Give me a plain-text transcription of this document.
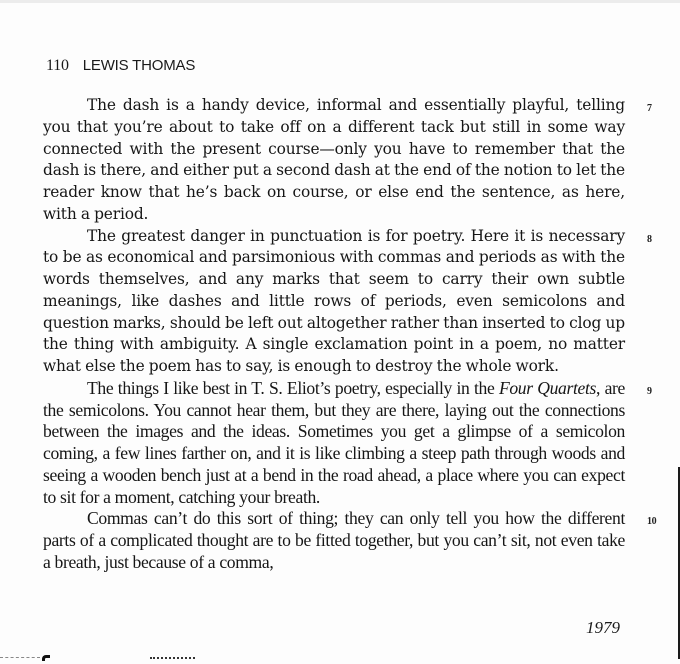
110 LEWIS THOMAS

The dash is a handy device, informal and essentially playful, telling you that you’re about to take off on a different tack but still in some way connected with the present course—only you have to remember that the dash is there, and either put a second dash at the end of the notion to let the reader know that he’s back on course, or else end the sentence, as here, with a period.
7

The greatest danger in punctuation is for poetry. Here it is necessary to be as economical and parsimonious with commas and periods as with the words themselves, and any marks that seem to carry their own subtle meanings, like dashes and little rows of periods, even semicolons and question marks, should be left out altogether rather than inserted to clog up the thing with ambiguity. A single exclamation point in a poem, no matter what else the poem has to say, is enough to destroy the whole work.
8

The things I like best in T. S. Eliot’s poetry, especially in the Four Quartets, are the semicolons. You cannot hear them, but they are there, laying out the connections between the images and the ideas. Sometimes you get a glimpse of a semicolon coming, a few lines farther on, and it is like climbing a steep path through woods and seeing a wooden bench just at a bend in the road ahead, a place where you can expect to sit for a moment, catching your breath.
9

Commas can’t do this sort of thing; they can only tell you how the different parts of a complicated thought are to be fitted together, but you can’t sit, not even take a breath, just because of a comma,
10

1979
